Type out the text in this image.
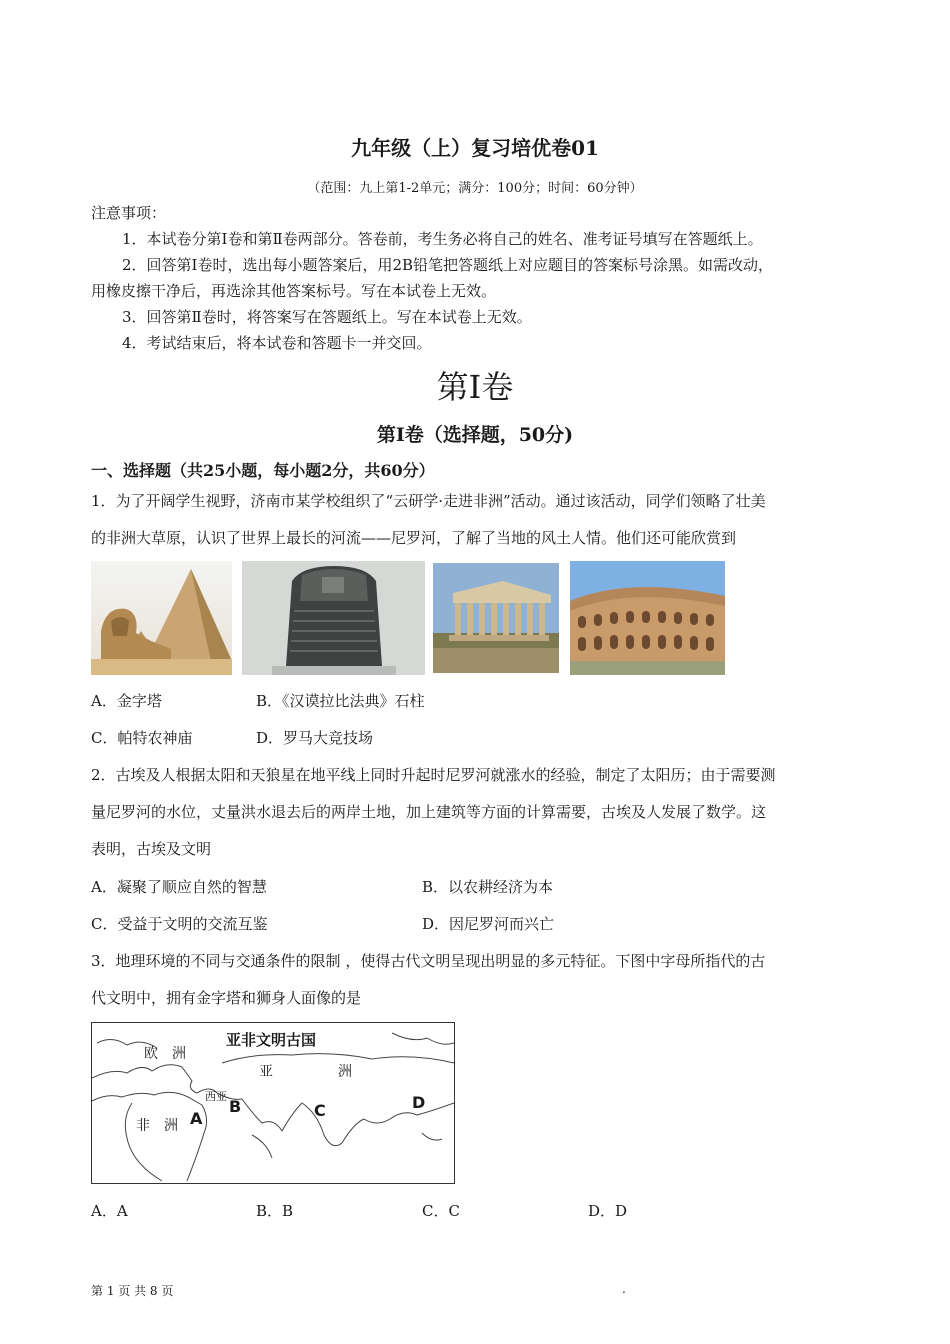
九年级（上）复习培优卷01
（范围：九上第1-2单元；满分：100分；时间：60分钟）
注意事项：
1．本试卷分第Ⅰ卷和第Ⅱ卷两部分。答卷前，考生务必将自己的姓名、准考证号填写在答题纸上。
2．回答第Ⅰ卷时，选出每小题答案后，用2B铅笔把答题纸上对应题目的答案标号涂黑。如需改动，
用橡皮擦干净后，再选涂其他答案标号。写在本试卷上无效。
3．回答第Ⅱ卷时，将答案写在答题纸上。写在本试卷上无效。
4．考试结束后，将本试卷和答题卡一并交回。
第Ⅰ卷
第Ⅰ卷（选择题，50分)
一、选择题（共25小题，每小题2分，共60分）
1．为了开阔学生视野，济南市某学校组织了“云研学·走进非洲”活动。通过该活动，同学们领略了壮美
的非洲大草原，认识了世界上最长的河流——尼罗河，了解了当地的风土人情。他们还可能欣赏到
A．金字塔	B．《汉谟拉比法典》石柱
C．帕特农神庙	D．罗马大竞技场
2．古埃及人根据太阳和天狼星在地平线上同时升起时尼罗河就涨水的经验，制定了太阳历；由于需要测
量尼罗河的水位，丈量洪水退去后的两岸土地，加上建筑等方面的计算需要，古埃及人发展了数学。这
表明，古埃及文明
A．凝聚了顺应自然的智慧	B．以农耕经济为本
C．受益于文明的交流互鉴	D．因尼罗河而兴亡
3．地理环境的不同与交通条件的限制 ，使得古代文明呈现出明显的多元特征。下图中字母所指代的古
代文明中，拥有金字塔和狮身人面像的是
亚非文明古国
欧　洲
亚	洲
非　洲
西亚
A
B	C	D
A．A	B．B	C．C	D．D
第 1 页 共 8 页	.
